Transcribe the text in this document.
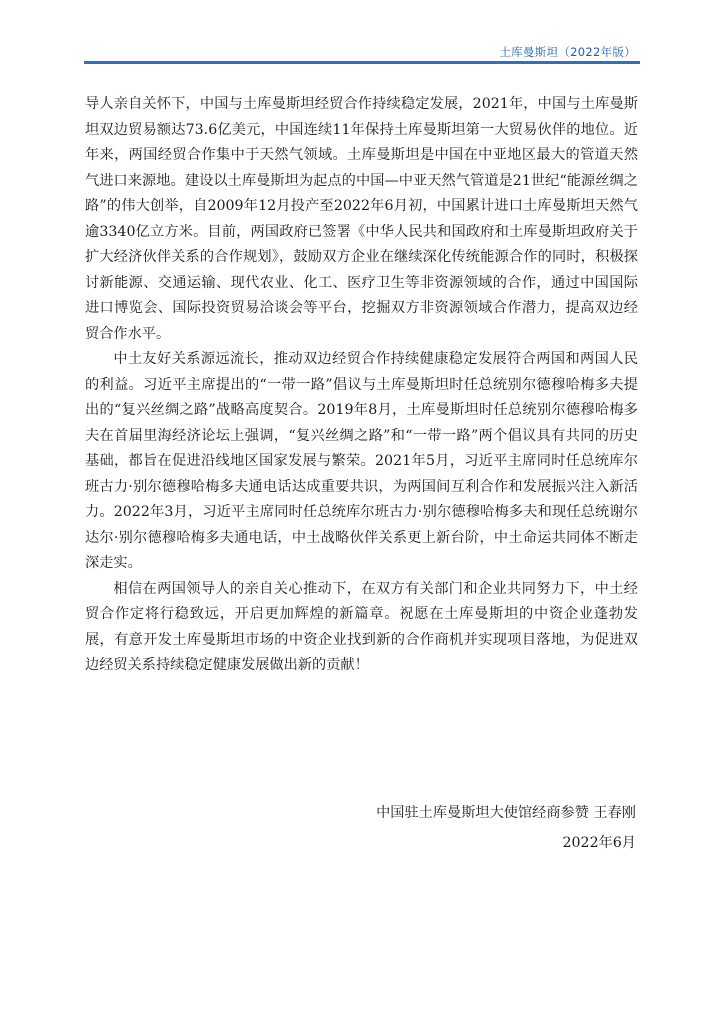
土库曼斯坦（2022年版）

导人亲自关怀下，中国与土库曼斯坦经贸合作持续稳定发展，2021年，中国与土库曼斯坦双边贸易额达73.6亿美元，中国连续11年保持土库曼斯坦第一大贸易伙伴的地位。近年来，两国经贸合作集中于天然气领域。土库曼斯坦是中国在中亚地区最大的管道天然气进口来源地。建设以土库曼斯坦为起点的中国—中亚天然气管道是21世纪“能源丝绸之路”的伟大创举，自2009年12月投产至2022年6月初，中国累计进口土库曼斯坦天然气逾3340亿立方米。目前，两国政府已签署《中华人民共和国政府和土库曼斯坦政府关于扩大经济伙伴关系的合作规划》，鼓励双方企业在继续深化传统能源合作的同时，积极探讨新能源、交通运输、现代农业、化工、医疗卫生等非资源领域的合作，通过中国国际进口博览会、国际投资贸易洽谈会等平台，挖掘双方非资源领域合作潜力，提高双边经贸合作水平。

中土友好关系源远流长，推动双边经贸合作持续健康稳定发展符合两国和两国人民的利益。习近平主席提出的“一带一路”倡议与土库曼斯坦时任总统别尔德穆哈梅多夫提出的“复兴丝绸之路”战略高度契合。2019年8月，土库曼斯坦时任总统别尔德穆哈梅多夫在首届里海经济论坛上强调，“复兴丝绸之路”和“一带一路”两个倡议具有共同的历史基础，都旨在促进沿线地区国家发展与繁荣。2021年5月，习近平主席同时任总统库尔班古力·别尔德穆哈梅多夫通电话达成重要共识，为两国间互利合作和发展振兴注入新活力。2022年3月，习近平主席同时任总统库尔班古力·别尔德穆哈梅多夫和现任总统谢尔达尔·别尔德穆哈梅多夫通电话，中土战略伙伴关系更上新台阶，中土命运共同体不断走深走实。

相信在两国领导人的亲自关心推动下，在双方有关部门和企业共同努力下，中土经贸合作定将行稳致远，开启更加辉煌的新篇章。祝愿在土库曼斯坦的中资企业蓬勃发展，有意开发土库曼斯坦市场的中资企业找到新的合作商机并实现项目落地，为促进双边经贸关系持续稳定健康发展做出新的贡献！

中国驻土库曼斯坦大使馆经商参赞 王春刚
2022年6月
